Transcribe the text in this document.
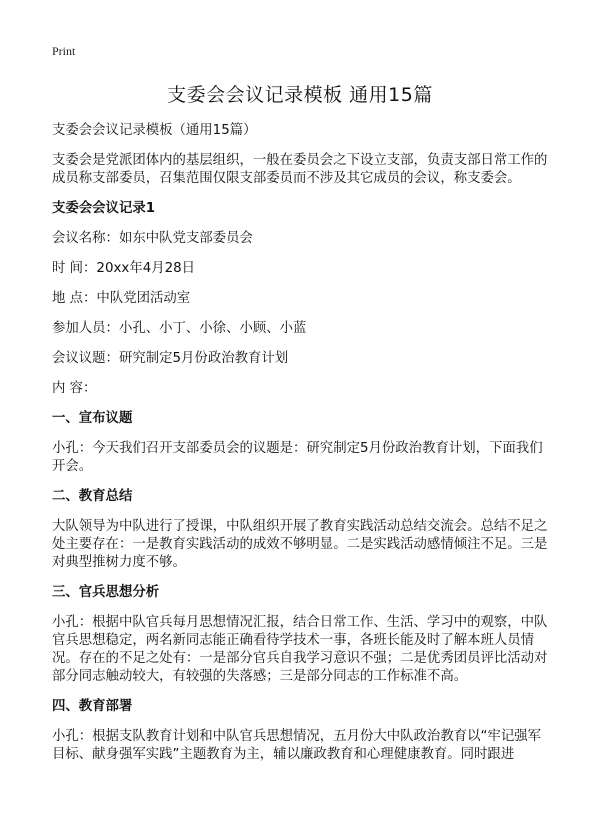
Print
支委会会议记录模板 通用15篇

支委会会议记录模板（通用15篇）

支委会是党派团体内的基层组织，一般在委员会之下设立支部，负责支部日常工作的成员称支部委员，召集范围仅限支部委员而不涉及其它成员的会议，称支委会。

支委会会议记录1

会议名称：如东中队党支部委员会

时 间：20xx年4月28日

地 点：中队党团活动室

参加人员：小孔、小丁、小徐、小顾、小蓝

会议议题：研究制定5月份政治教育计划

内 容：

一、宣布议题

小孔：今天我们召开支部委员会的议题是：研究制定5月份政治教育计划，下面我们开会。

二、教育总结

大队领导为中队进行了授课，中队组织开展了教育实践活动总结交流会。总结不足之处主要存在：一是教育实践活动的成效不够明显。二是实践活动感情倾注不足。三是对典型推树力度不够。

三、官兵思想分析

小孔：根据中队官兵每月思想情况汇报，结合日常工作、生活、学习中的观察，中队官兵思想稳定，两名新同志能正确看待学技术一事，各班长能及时了解本班人员情况。存在的不足之处有：一是部分官兵自我学习意识不强；二是优秀团员评比活动对部分同志触动较大，有较强的失落感；三是部分同志的工作标准不高。

四、教育部署

小孔：根据支队教育计划和中队官兵思想情况，五月份大中队政治教育以“牢记强军目标、献身强军实践”主题教育为主，辅以廉政教育和心理健康教育。同时跟进
